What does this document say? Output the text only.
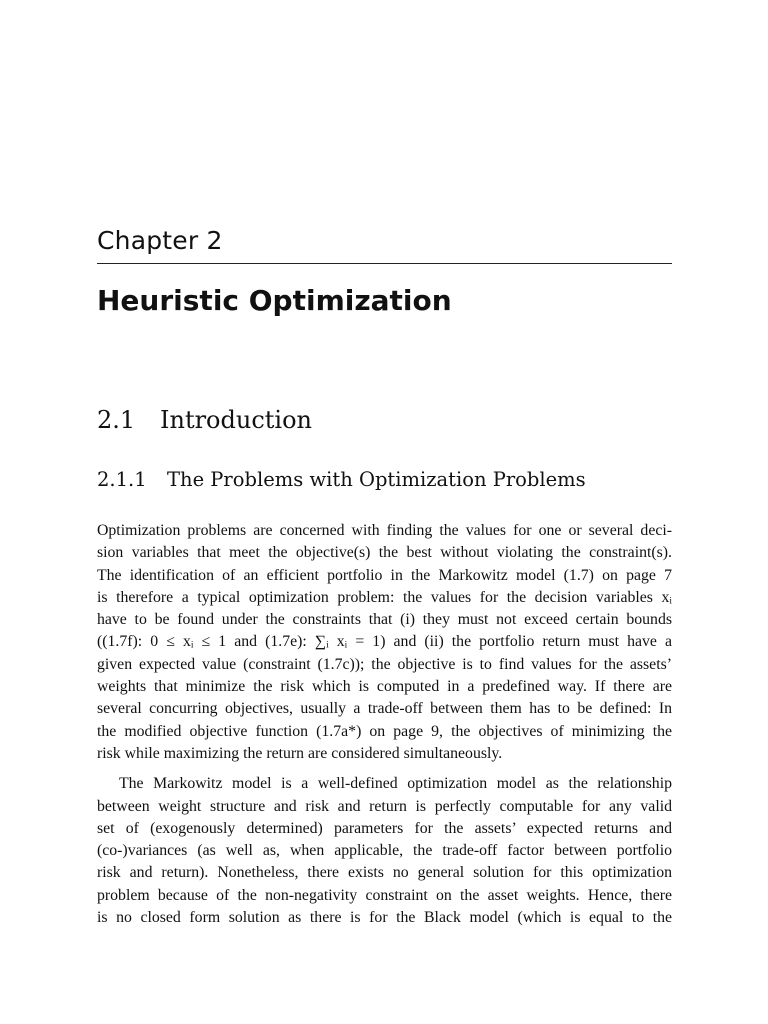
Chapter 2
Heuristic Optimization
2.1 Introduction
2.1.1 The Problems with Optimization Problems

Optimization problems are concerned with finding the values for one or several deci-
sion variables that meet the objective(s) the best without violating the constraint(s).
The identification of an efficient portfolio in the Markowitz model (1.7) on page 7
is therefore a typical optimization problem: the values for the decision variables xᵢ
have to be found under the constraints that (i) they must not exceed certain bounds
((1.7f): 0 ≤ xᵢ ≤ 1 and (1.7e): ∑ᵢ xᵢ = 1) and (ii) the portfolio return must have a
given expected value (constraint (1.7c)); the objective is to find values for the assets’
weights that minimize the risk which is computed in a predefined way. If there are
several concurring objectives, usually a trade-off between them has to be defined: In
the modified objective function (1.7a*) on page 9, the objectives of minimizing the
risk while maximizing the return are considered simultaneously.

The Markowitz model is a well-defined optimization model as the relationship
between weight structure and risk and return is perfectly computable for any valid
set of (exogenously determined) parameters for the assets’ expected returns and
(co-)variances (as well as, when applicable, the trade-off factor between portfolio
risk and return). Nonetheless, there exists no general solution for this optimization
problem because of the non-negativity constraint on the asset weights. Hence, there
is no closed form solution as there is for the Black model (which is equal to the
